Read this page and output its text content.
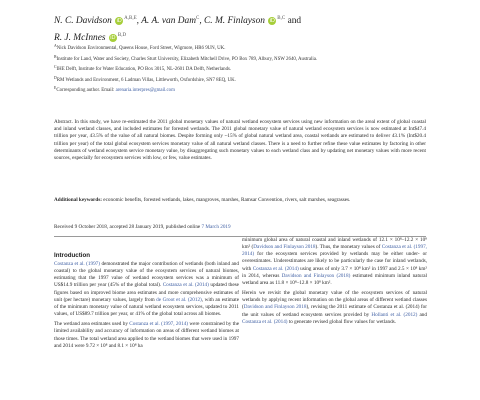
N. C. Davidson iD $^{A,B,E}$, A. A. van Dam$^C$, C. M. Finlayson iD $^{B,C}$ and
R. J. McInnes iD $^{B,D}$

$^A$Nick Davidson Environmental, Queens House, Ford Street, Wigmore, HR6 9UN, UK.

$^B$Institute for Land, Water and Society, Charles Sturt University, Elizabeth Mitchell Drive, PO Box 789, Albury, NSW 2640, Australia.

$^C$IHE Delft, Institute for Water Education, PO Box 3015, NL-2601 DA Delft, Netherlands.

$^D$RM Wetlands and Environment, 6 Ladman Villas, Littleworth, Oxfordshire, SN7 8EQ, UK.

$^E$Corresponding author. Email: arenaria.interpres@gmail.com

Abstract. In this study, we have re-estimated the 2011 global monetary values of natural wetland ecosystem services using new information on the areal extent of global coastal and inland wetland classes, and included estimates for forested wetlands. The 2011 global monetary value of natural wetland ecosystem services is now estimated at Int$47.4 trillion per year, 43.5% of the value of all natural biomes. Despite forming only ~15% of global natural wetland area, coastal wetlands are estimated to deliver 43.1% (Int$20.4 trillion per year) of the total global ecosystem services monetary value of all natural wetland classes. There is a need to further refine these value estimates by factoring in other determinants of wetland ecosystem service monetary value, by disaggregating such monetary values to each wetland class and by updating net monetary values with more recent sources, especially for ecosystem services with low, or few, value estimates.
Additional keywords: economic benefits, forested wetlands, lakes, mangroves, marshes, Ramsar Convention, rivers, salt marshes, seagrasses.
Received 9 October 2018, accepted 28 January 2019, published online 7 March 2019
Introduction

Costanza et al. (1997) demonstrated the major contribution of wetlands (both inland and coastal) to the global monetary value of the ecosystem services of natural biomes, estimating that the 1997 value of wetland ecosystem services was a minimum of US$14.9 trillion per year (45% of the global total). Costanza et al. (2014) updated these figures based on improved biome area estimates and more comprehensive estimates of unit (per hectare) monetary values, largely from de Groot et al. (2012), with an estimate of the minimum monetary value of natural wetland ecosystem services, updated to 2011 values, of US$89.7 trillion per year, or 41% of the global total across all biomes.

The wetland area estimates used by Costanza et al. (1997, 2014) were constrained by the limited availability and accuracy of information on areas of different wetland biomes at those times. The total wetland area applied to the wetland biomes that were used in 1997 and 2014 were 9.72 × 10⁸ and 8.1 × 10⁸ ha

minimum global area of natural coastal and inland wetlands of 12.1 × 10⁸–12.2 × 10⁸ km² (Davidson and Finlayson 2018). Thus, the monetary values of Costanza et al. (1997, 2014) for the ecosystem services provided by wetlands may be either under- or overestimates. Underestimates are likely to be particularly the case for inland wetlands, with Costanza et al. (2014) using areas of only 3.7 × 10⁸ km² in 1997 and 2.5 × 10⁸ km² in 2014, whereas Davidson and Finlayson (2018) estimated minimum inland natural wetland area as 11.8 × 10⁸–12.8 × 10⁸ km².

Herein we revisit the global monetary value of the ecosystem services of natural wetlands by applying recent information on the global areas of different wetland classes (Davidson and Finlayson 2018), revising the 2011 estimate of Costanza et al. (2014) for the unit values of wetland ecosystem services provided by Hollanti et al. (2012) and Costanza et al. (2014) to generate revised global flow values for wetlands.
